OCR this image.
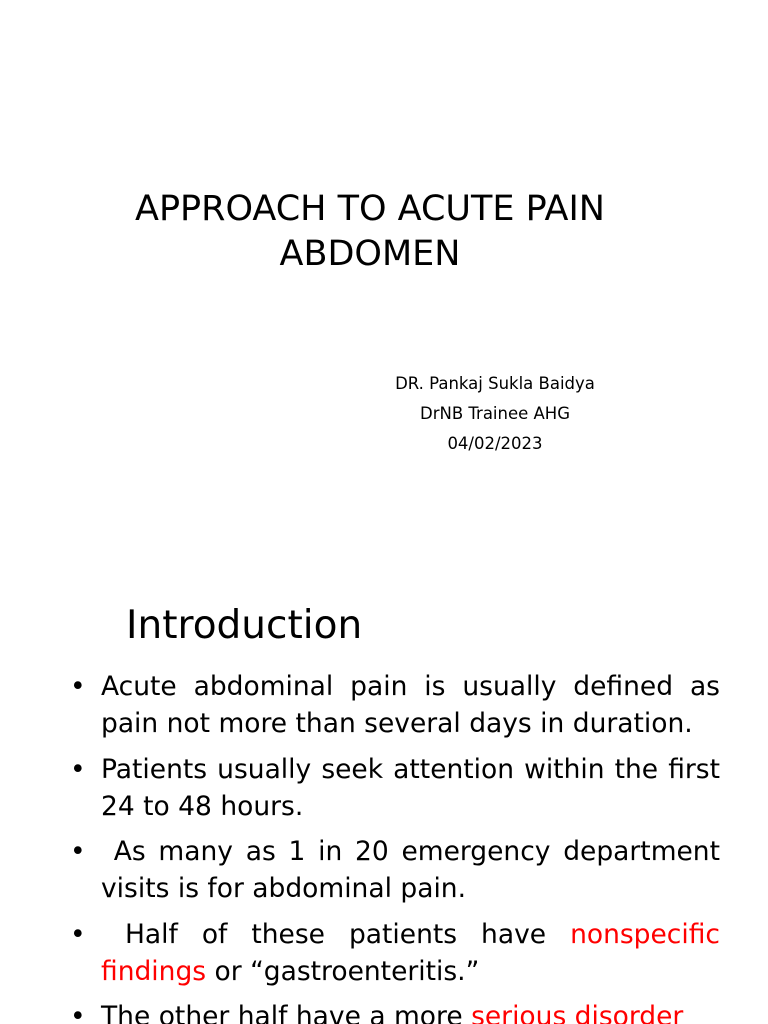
APPROACH TO ACUTE PAIN
ABDOMEN
DR. Pankaj Sukla Baidya
DrNB Trainee AHG
04/02/2023
Introduction
• Acute abdominal pain is usually defined as pain not more than several days in duration.
• Patients usually seek attention within the first 24 to 48 hours.
• As many as 1 in 20 emergency department visits is for abdominal pain.
• Half of these patients have nonspecific findings or “gastroenteritis.”
• The other half have a more serious disorder
